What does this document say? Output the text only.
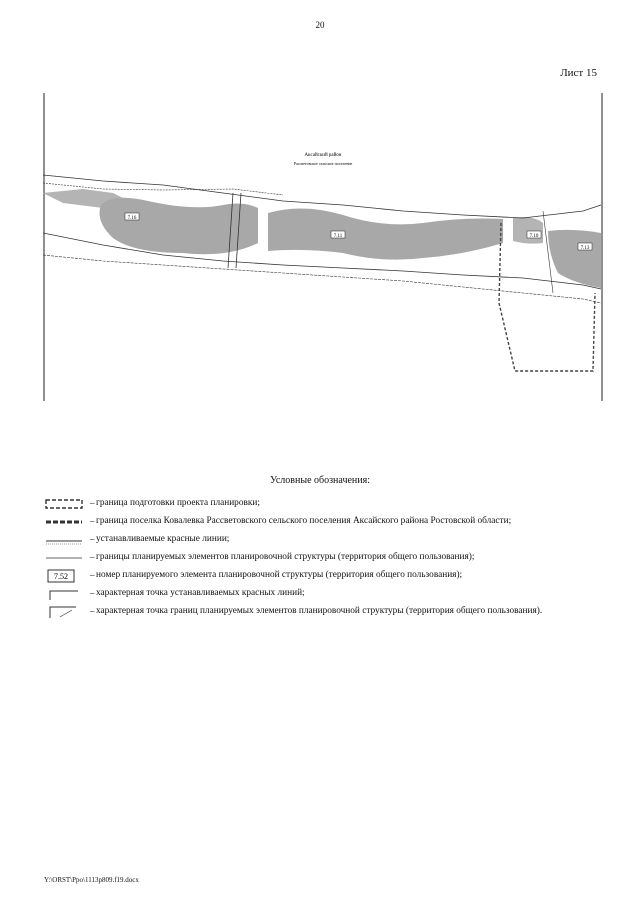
20
Лист 15
Аксайский район
Рассветовское сельское поселение
7.16
7.11	7.10
7.13
Условные обозначения:
– граница подготовки проекта планировки;
– граница поселка Ковалевка Рассветовского сельского поселения Аксайского района Ростовской области;
– устанавливаемые красные линии;
– границы планируемых элементов планировочной структуры (территория общего пользования);
7.52 – номер планируемого элемента планировочной структуры (территория общего пользования);
– характерная точка устанавливаемых красных линий;
– характерная точка границ планируемых элементов планировочной структуры (территория общего пользования).
Y:\ORST\Ppo\1113p809.f19.docx
